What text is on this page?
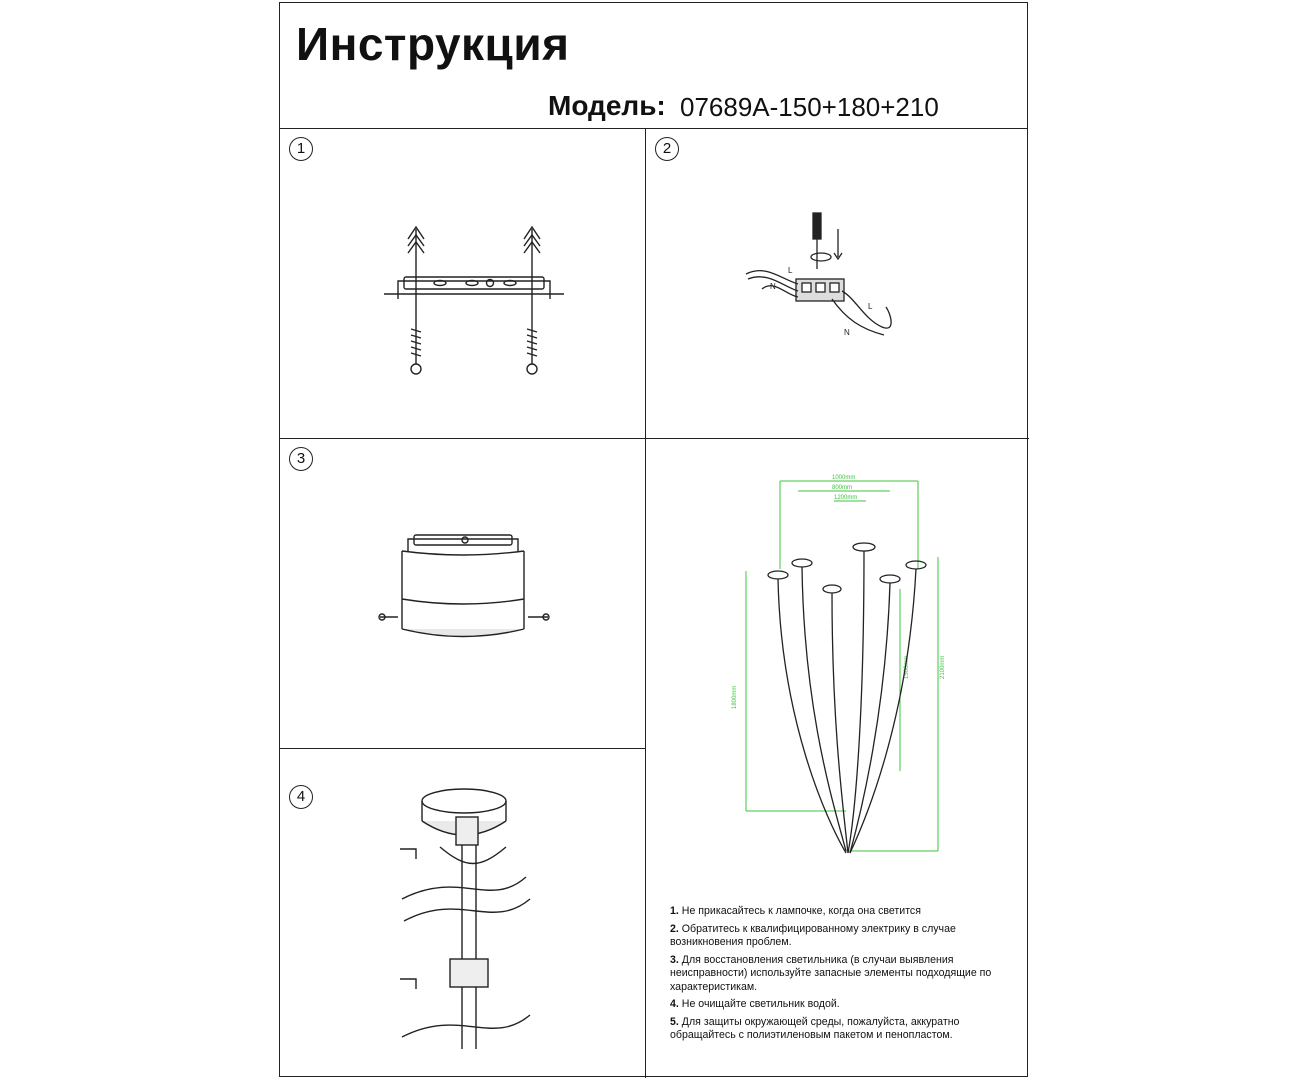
Инструкция
Модель: 07689A-150+180+210
1	2
L
N
L
N
3
1000mm
800mm
1200mm
1800mm
1500mm	2100mm

1. Не прикасайтесь к лампочке, когда она светится

2. Обратитесь к квалифицированному электрику в случае возникновения проблем.

3. Для восстановления светильника (в случаи выявления неисправности) используйте запасные элементы подходящие по характеристикам.

4. Не очищайте светильник водой.

5. Для защиты окружающей среды, пожалуйста, аккуратно обращайтесь с полиэтиленовым пакетом и пенопластом.

4
